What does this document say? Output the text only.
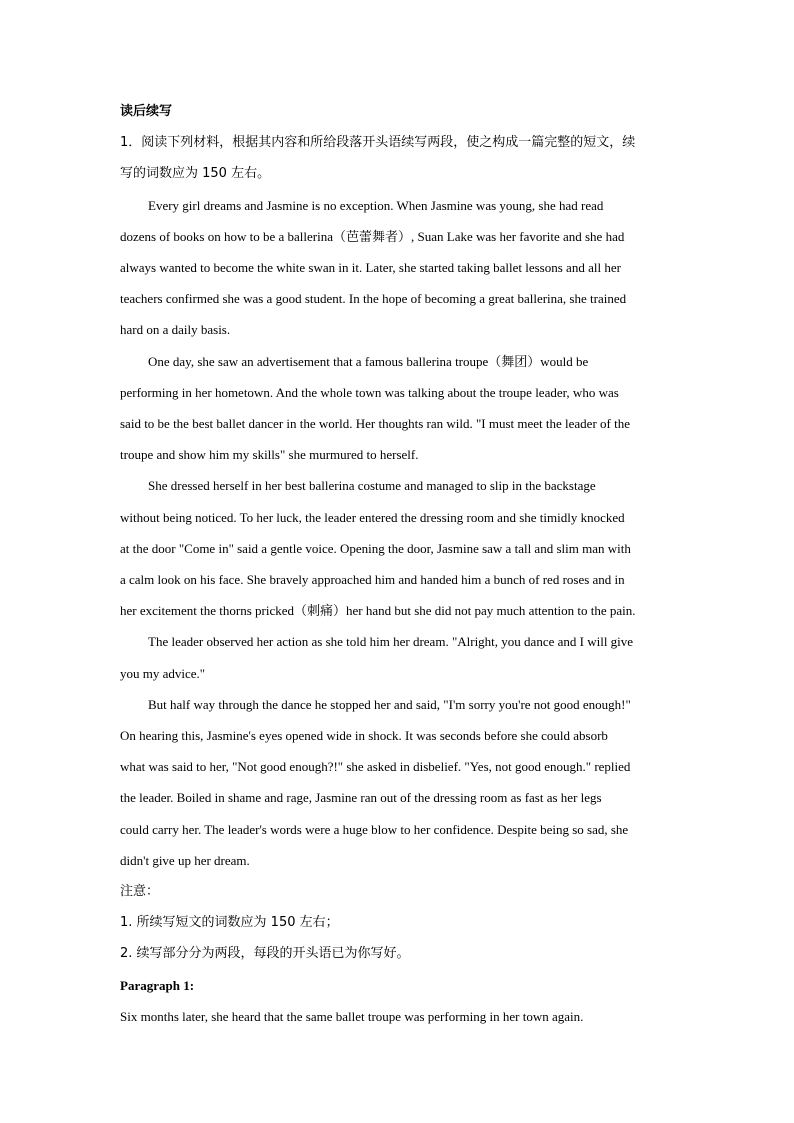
读后续写

1．阅读下列材料，根据其内容和所给段落开头语续写两段，使之构成一篇完整的短文，续

写的词数应为 150 左右。

Every girl dreams and Jasmine is no exception. When Jasmine was young, she had read

dozens of books on how to be a ballerina（芭蕾舞者）, Suan Lake was her favorite and she had

always wanted to become the white swan in it. Later, she started taking ballet lessons and all her

teachers confirmed she was a good student. In the hope of becoming a great ballerina, she trained

hard on a daily basis.

One day, she saw an advertisement that a famous ballerina troupe（舞团）would be

performing in her hometown. And the whole town was talking about the troupe leader, who was

said to be the best ballet dancer in the world. Her thoughts ran wild. "I must meet the leader of the

troupe and show him my skills" she murmured to herself.

She dressed herself in her best ballerina costume and managed to slip in the backstage

without being noticed. To her luck, the leader entered the dressing room and she timidly knocked

at the door "Come in" said a gentle voice. Opening the door, Jasmine saw a tall and slim man with

a calm look on his face. She bravely approached him and handed him a bunch of red roses and in

her excitement the thorns pricked（刺痛）her hand but she did not pay much attention to the pain.

The leader observed her action as she told him her dream. "Alright, you dance and I will give

you my advice."

But half way through the dance he stopped her and said, "I'm sorry you're not good enough!"

On hearing this, Jasmine's eyes opened wide in shock. It was seconds before she could absorb

what was said to her, "Not good enough?!" she asked in disbelief. "Yes, not good enough." replied

the leader. Boiled in shame and rage, Jasmine ran out of the dressing room as fast as her legs

could carry her. The leader's words were a huge blow to her confidence. Despite being so sad, she

didn't give up her dream.

注意：

1. 所续写短文的词数应为 150 左右；

2. 续写部分分为两段，每段的开头语已为你写好。

Paragraph 1:

Six months later, she heard that the same ballet troupe was performing in her town again.
